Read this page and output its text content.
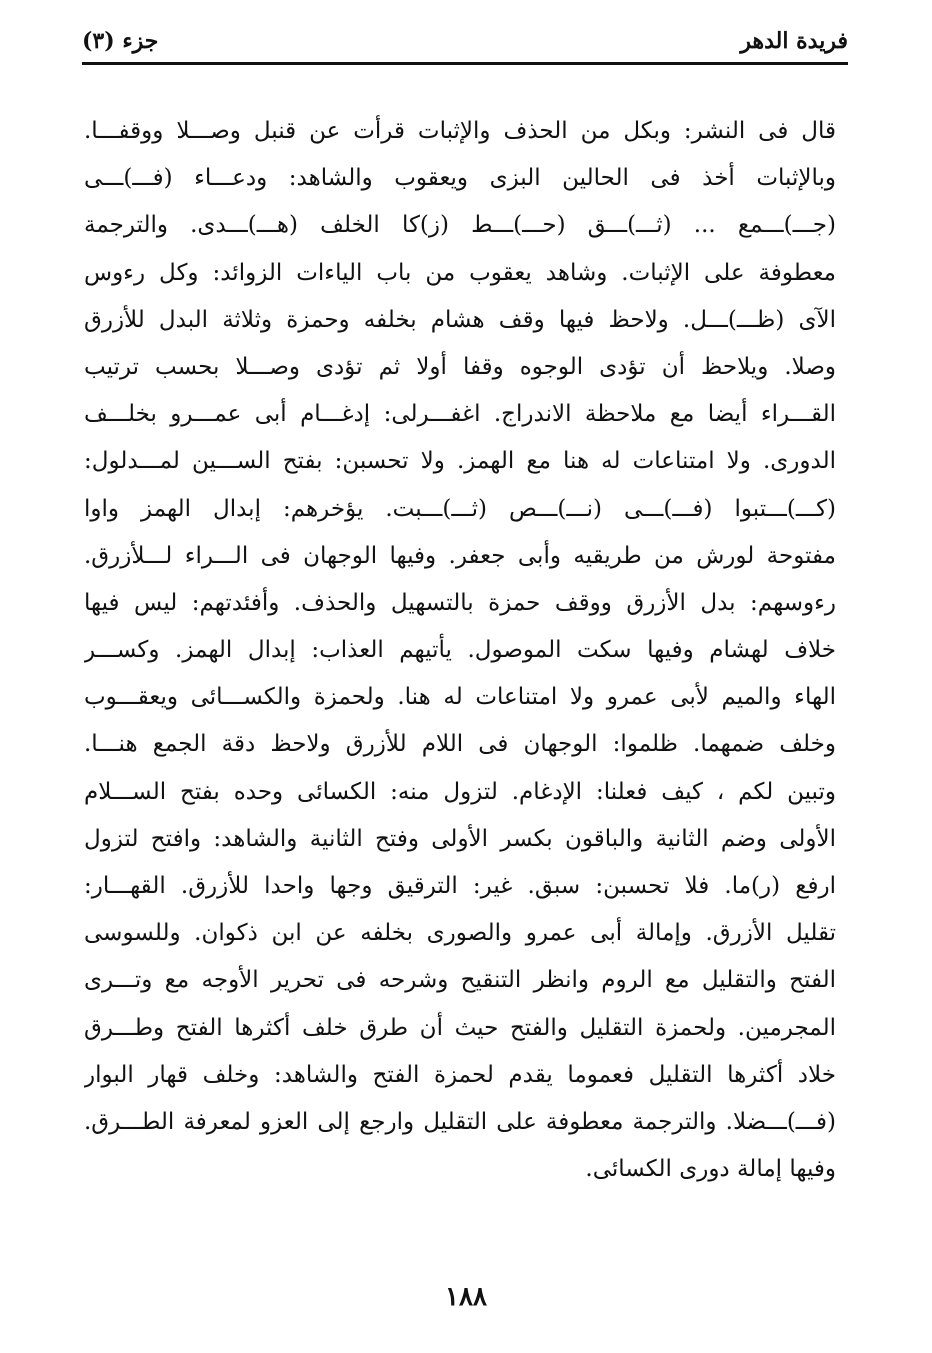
فريدة الدهر
جزء (٣)
قال فى النشر: وبكل من الحذف والإثبات قرأت عن قنبل وصـــلا ووقفـــا.
وبالإثبات أخذ فى الحالين البزى ويعقوب والشاهد: ودعـــاء (فـــ)ـــى
(جـــ)ـــمع ... (ثـــ)ـــق (حـــ)ـــط (ز)كا الخلف (هـــ)ـــدى. والترجمة
معطوفة على الإثبات. وشاهد يعقوب من باب الياءات الزوائد: وكل رءوس
الآى (ظـــ)ـــل. ولاحظ فيها وقف هشام بخلفه وحمزة وثلاثة البدل للأزرق
وصلا. ويلاحظ أن تؤدى الوجوه وقفا أولا ثم تؤدى وصـــلا بحسب ترتيب
القـــراء أيضا مع ملاحظة الاندراج. اغفـــرلى: إدغـــام أبى عمـــرو بخلـــف
الدورى. ولا امتناعات له هنا مع الهمز. ولا تحسبن: بفتح الســـين لمـــدلول:
(كـــ)ـــتبوا (فـــ)ـــى (نـــ)ـــص (ثـــ)ـــبت. يؤخرهم: إبدال الهمز واوا
مفتوحة لورش من طريقيه وأبى جعفر. وفيها الوجهان فى الـــراء لـــلأزرق.
رءوسهم: بدل الأزرق ووقف حمزة بالتسهيل والحذف. وأفئدتهم: ليس فيها
خلاف لهشام وفيها سكت الموصول. يأتيهم العذاب: إبدال الهمز. وكســـر
الهاء والميم لأبى عمرو ولا امتناعات له هنا. ولحمزة والكســـائى ويعقـــوب
وخلف ضمهما. ظلموا: الوجهان فى اللام للأزرق ولاحظ دقة الجمع هنـــا.
وتبين لكم ، كيف فعلنا: الإدغام. لتزول منه: الكسائى وحده بفتح الســـلام
الأولى وضم الثانية والباقون بكسر الأولى وفتح الثانية والشاهد: وافتح لتزول
ارفع (ر)ما. فلا تحسبن: سبق. غير: الترقيق وجها واحدا للأزرق. القهـــار:
تقليل الأزرق. وإمالة أبى عمرو والصورى بخلفه عن ابن ذكوان. وللسوسى
الفتح والتقليل مع الروم وانظر التنقيح وشرحه فى تحرير الأوجه مع وتـــرى
المجرمين. ولحمزة التقليل والفتح حيث أن طرق خلف أكثرها الفتح وطـــرق
خلاد أكثرها التقليل فعموما يقدم لحمزة الفتح والشاهد: وخلف قهار البوار
(فـــ)ـــضلا. والترجمة معطوفة على التقليل وارجع إلى العزو لمعرفة الطـــرق.
وفيها إمالة دورى الكسائى.
١٨٨
